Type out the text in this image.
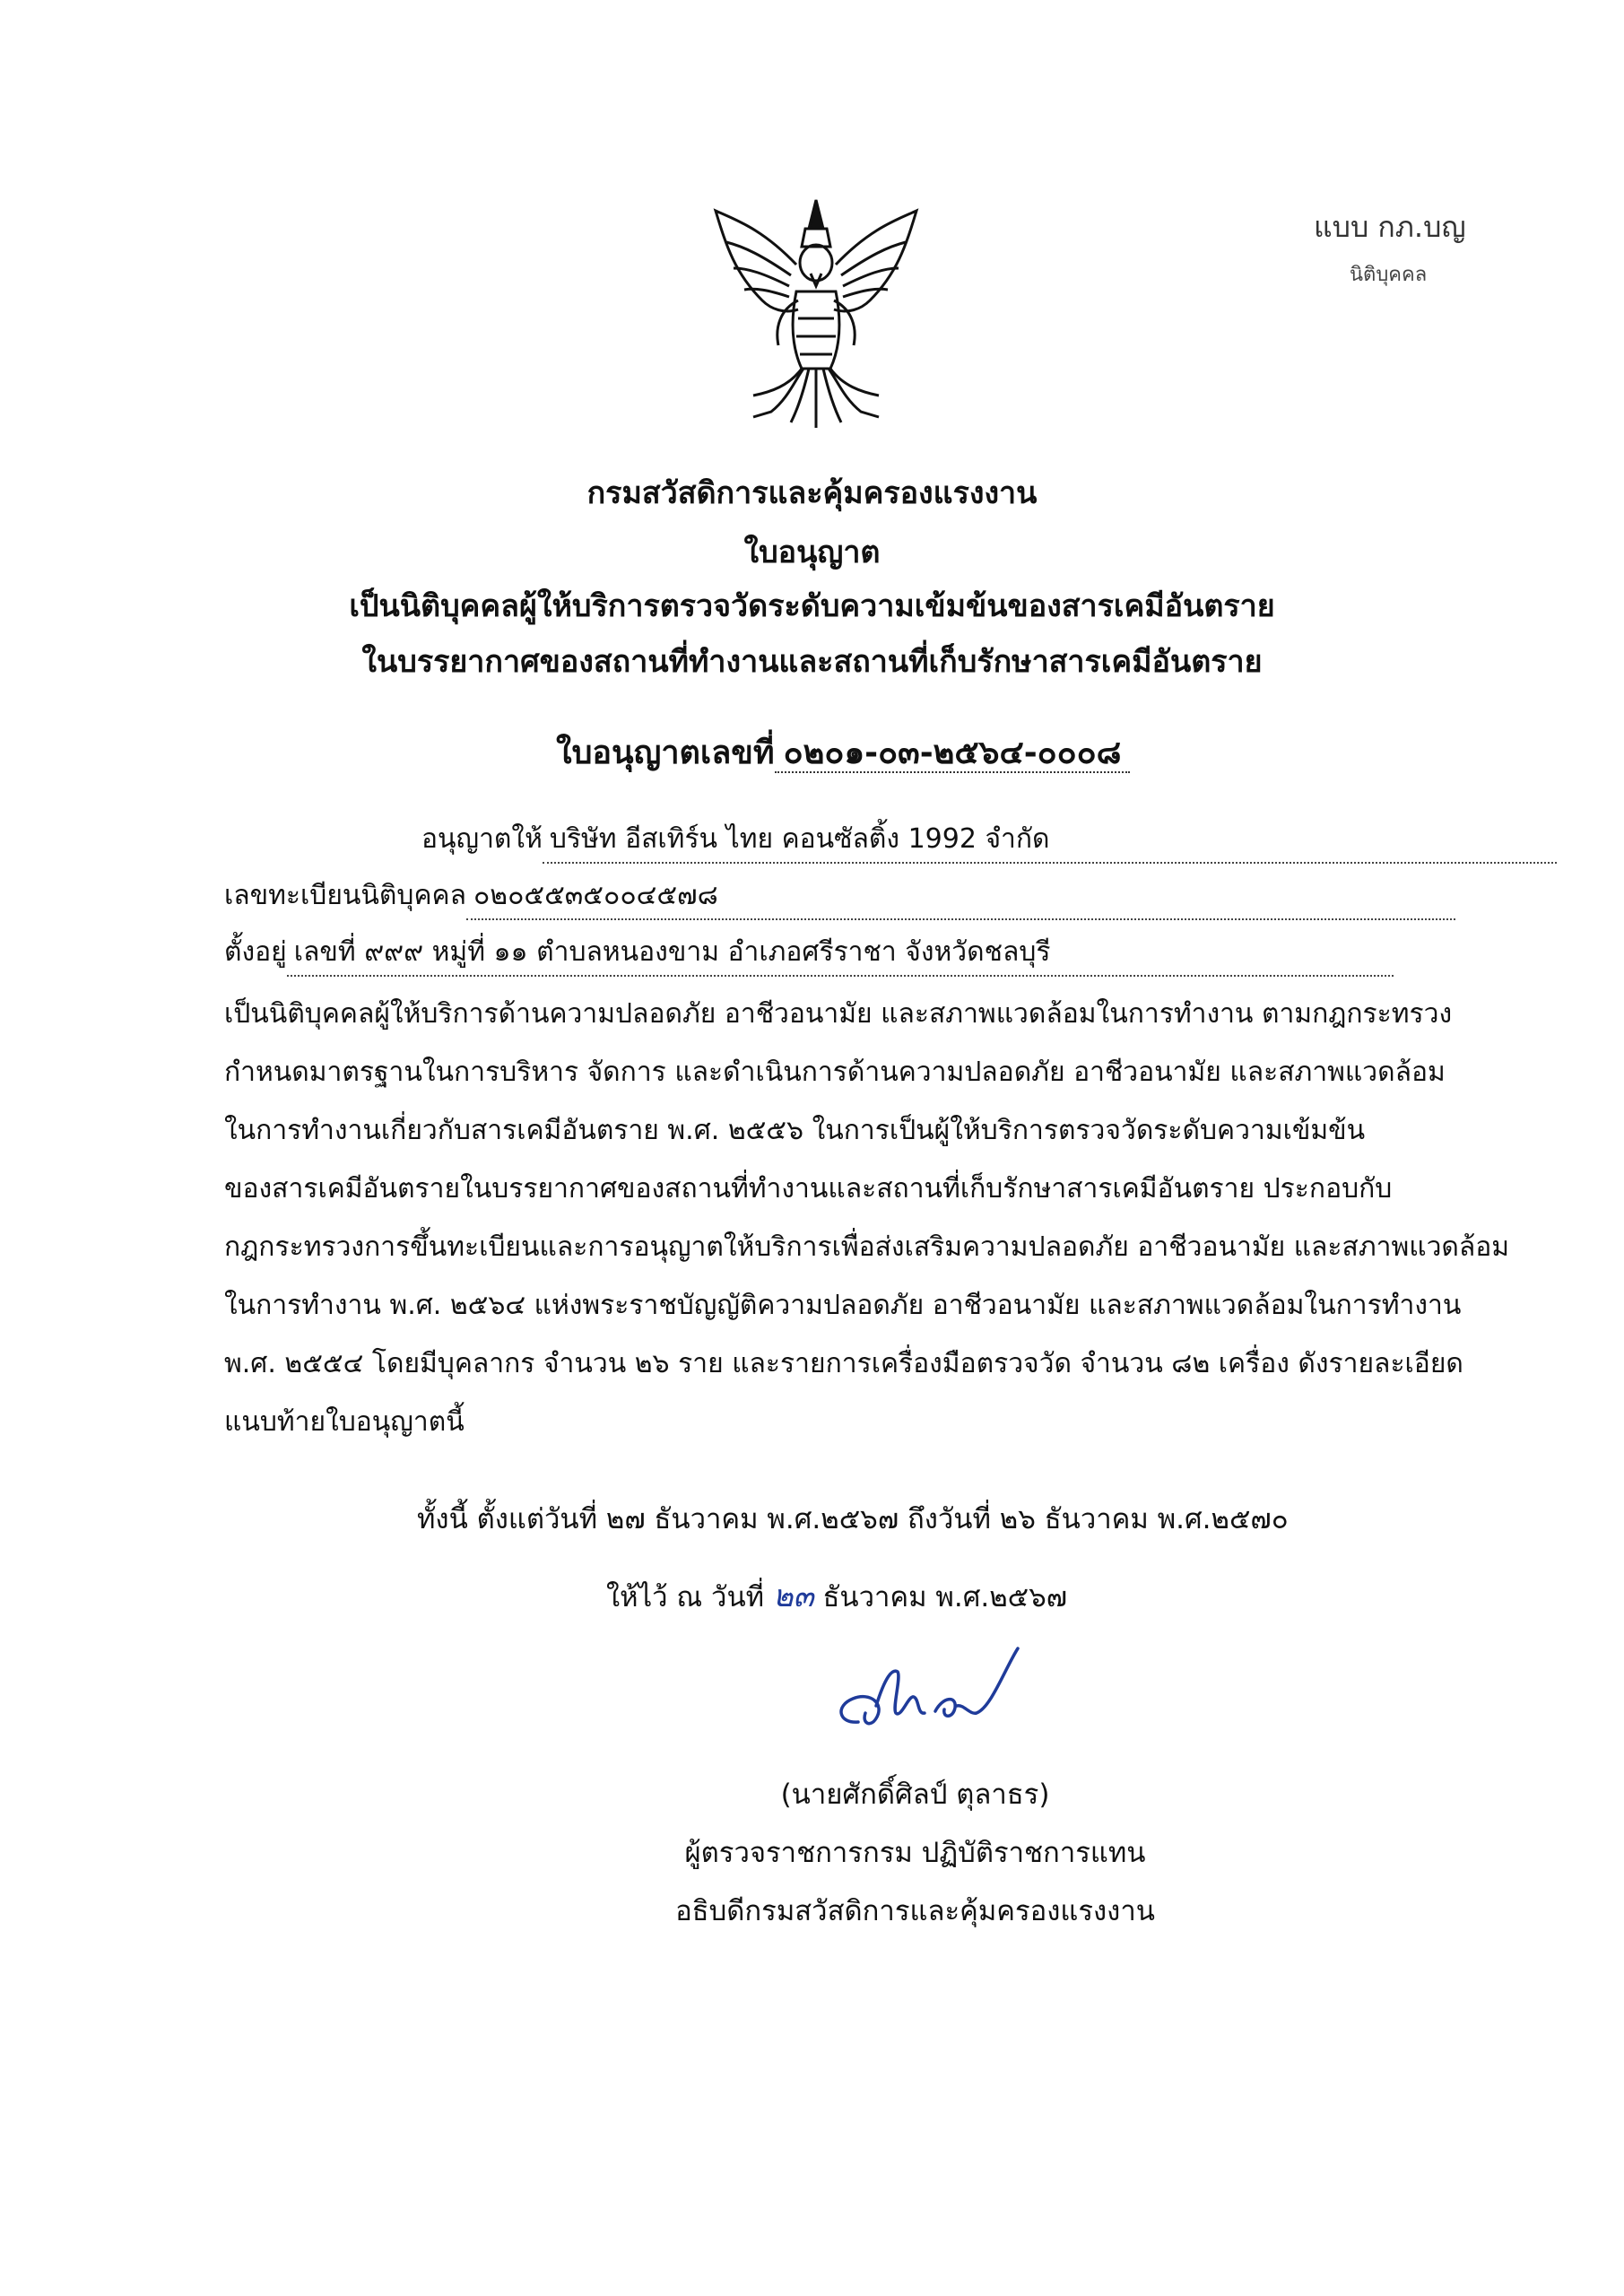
แบบ กภ.บญ
นิติบุคคล
กรมสวัสดิการและคุ้มครองแรงงาน
ใบอนุญาต
เป็นนิติบุคคลผู้ให้บริการตรวจวัดระดับความเข้มข้นของสารเคมีอันตราย
ในบรรยากาศของสถานที่ทำงานและสถานที่เก็บรักษาสารเคมีอันตราย
ใบอนุญาตเลขที่ ๐๒๐๑-๐๓-๒๕๖๔-๐๐๐๘
อนุญาตให้ บริษัท อีสเทิร์น ไทย คอนซัลติ้ง 1992 จำกัด
เลขทะเบียนนิติบุคคล ๐๒๐๕๕๓๕๐๐๔๕๗๘
ตั้งอยู่ เลขที่ ๙๙๙ หมู่ที่ ๑๑ ตำบลหนองขาม อำเภอศรีราชา จังหวัดชลบุรี
เป็นนิติบุคคลผู้ให้บริการด้านความปลอดภัย อาชีวอนามัย และสภาพแวดล้อมในการทำงาน ตามกฎกระทรวง
กำหนดมาตรฐานในการบริหาร จัดการ และดำเนินการด้านความปลอดภัย อาชีวอนามัย และสภาพแวดล้อม
ในการทำงานเกี่ยวกับสารเคมีอันตราย พ.ศ. ๒๕๕๖ ในการเป็นผู้ให้บริการตรวจวัดระดับความเข้มข้น
ของสารเคมีอันตรายในบรรยากาศของสถานที่ทำงานและสถานที่เก็บรักษาสารเคมีอันตราย ประกอบกับ
กฎกระทรวงการขึ้นทะเบียนและการอนุญาตให้บริการเพื่อส่งเสริมความปลอดภัย อาชีวอนามัย และสภาพแวดล้อม
ในการทำงาน พ.ศ. ๒๕๖๔ แห่งพระราชบัญญัติความปลอดภัย อาชีวอนามัย และสภาพแวดล้อมในการทำงาน
พ.ศ. ๒๕๕๔ โดยมีบุคลากร จำนวน ๒๖ ราย และรายการเครื่องมือตรวจวัด จำนวน ๘๒ เครื่อง ดังรายละเอียด
แนบท้ายใบอนุญาตนี้
ทั้งนี้ ตั้งแต่วันที่ ๒๗ ธันวาคม พ.ศ.๒๕๖๗ ถึงวันที่ ๒๖ ธันวาคม พ.ศ.๒๕๗๐
ให้ไว้ ณ วันที่ ๒๓ ธันวาคม พ.ศ.๒๕๖๗
(นายศักดิ์ศิลป์ ตุลาธร)
ผู้ตรวจราชการกรม ปฏิบัติราชการแทน
อธิบดีกรมสวัสดิการและคุ้มครองแรงงาน
